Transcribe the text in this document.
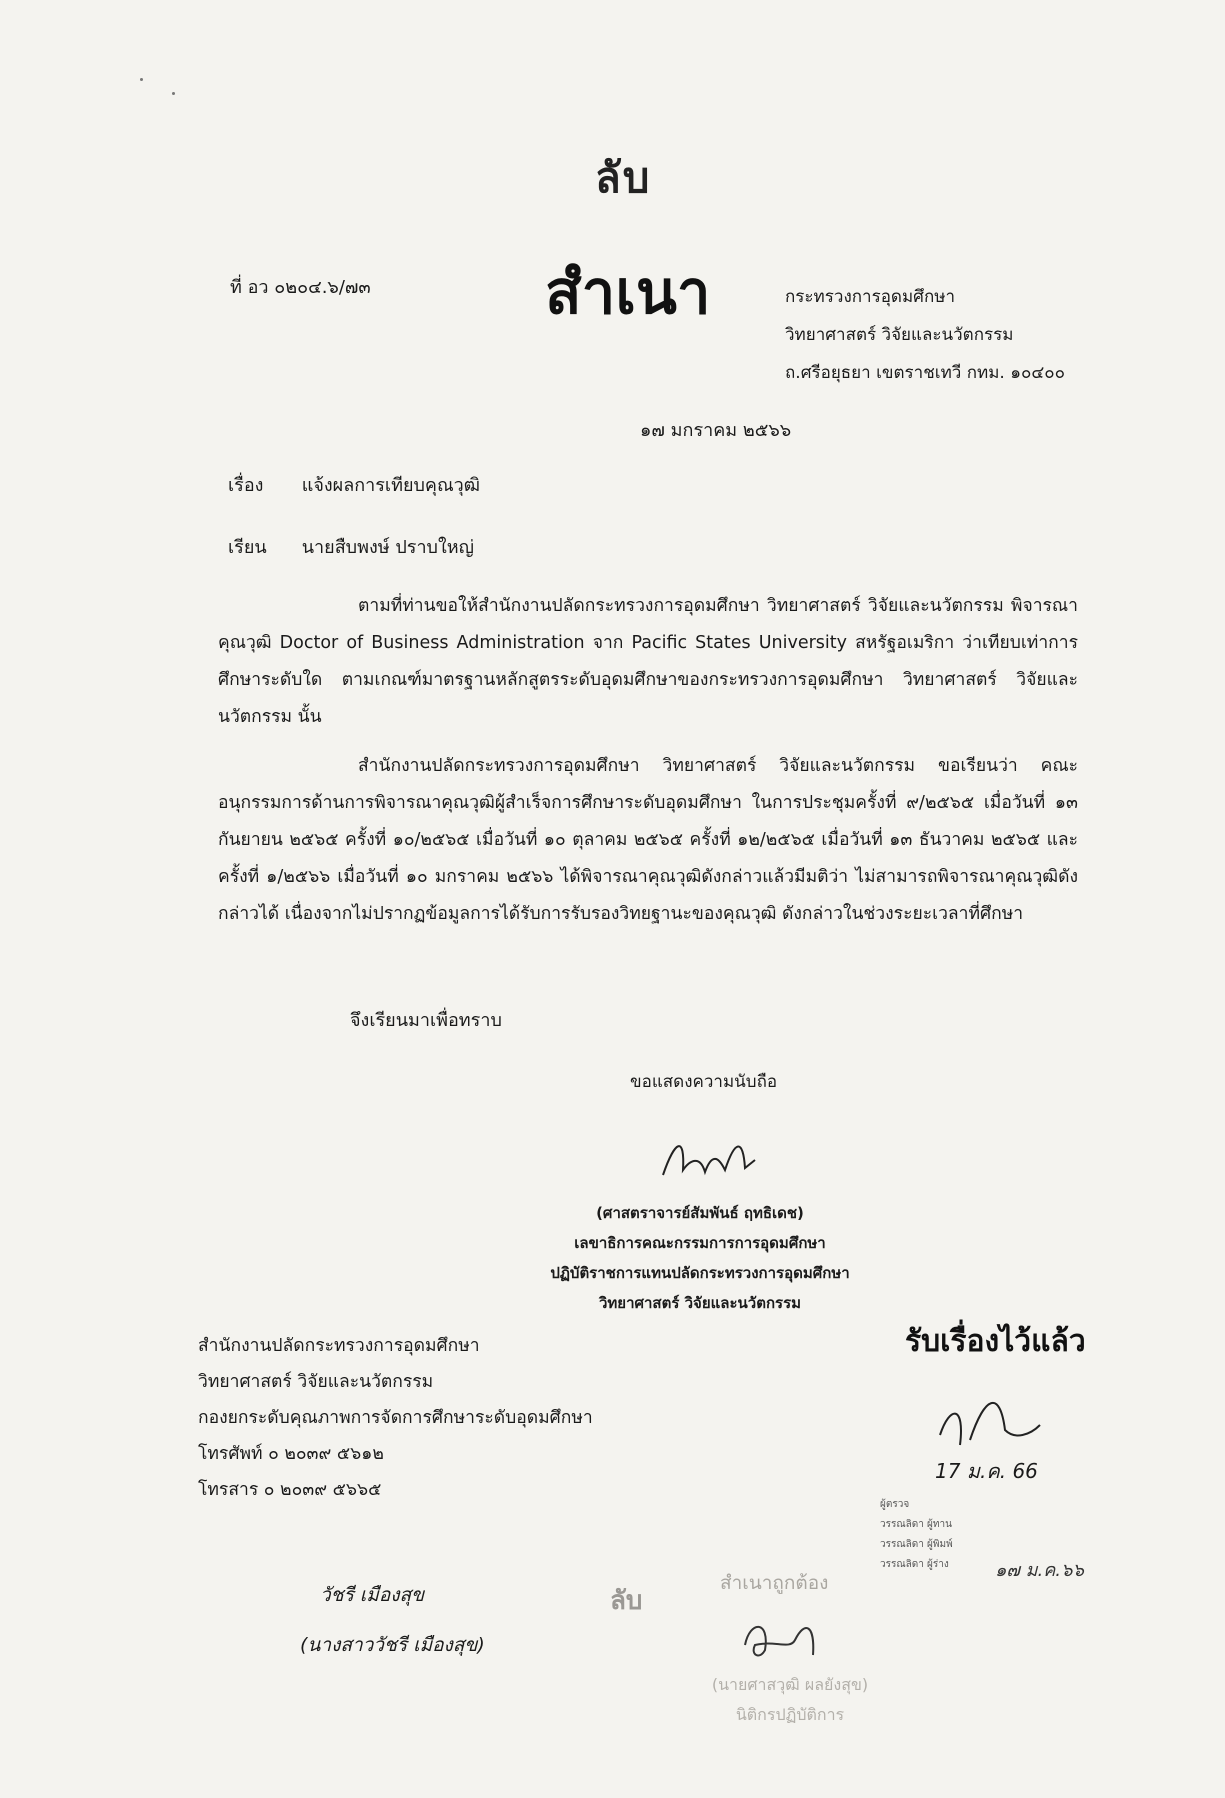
ลับ
สำเนา
ที่ อว ๐๒๐๔.๖/๗๓	กระทรวงการอุดมศึกษา
วิทยาศาสตร์ วิจัยและนวัตกรรม
ถ.ศรีอยุธยา เขตราชเทวี กทม. ๑๐๔๐๐
๑๗ มกราคม ๒๕๖๖
เรื่อง แจ้งผลการเทียบคุณวุฒิ
เรียน นายสืบพงษ์ ปราบใหญ่
ตามที่ท่านขอให้สำนักงานปลัดกระทรวงการอุดมศึกษา วิทยาศาสตร์ วิจัยและนวัตกรรม พิจารณาคุณวุฒิ Doctor of Business Administration จาก Pacific States University สหรัฐอเมริกา ว่าเทียบเท่าการศึกษาระดับใด ตามเกณฑ์มาตรฐานหลักสูตรระดับอุดมศึกษาของกระทรวงการอุดมศึกษา วิทยาศาสตร์ วิจัยและนวัตกรรม นั้น
สำนักงานปลัดกระทรวงการอุดมศึกษา วิทยาศาสตร์ วิจัยและนวัตกรรม ขอเรียนว่า คณะอนุกรรมการด้านการพิจารณาคุณวุฒิผู้สำเร็จการศึกษาระดับอุดมศึกษา ในการประชุมครั้งที่ ๙/๒๕๖๕ เมื่อวันที่ ๑๓ กันยายน ๒๕๖๕ ครั้งที่ ๑๐/๒๕๖๕ เมื่อวันที่ ๑๐ ตุลาคม ๒๕๖๕ ครั้งที่ ๑๒/๒๕๖๕ เมื่อวันที่ ๑๓ ธันวาคม ๒๕๖๕ และครั้งที่ ๑/๒๕๖๖ เมื่อวันที่ ๑๐ มกราคม ๒๕๖๖ ได้พิจารณาคุณวุฒิดังกล่าวแล้วมีมติว่า ไม่สามารถพิจารณาคุณวุฒิดังกล่าวได้ เนื่องจากไม่ปรากฏข้อมูลการได้รับการรับรองวิทยฐานะของคุณวุฒิ ดังกล่าวในช่วงระยะเวลาที่ศึกษา
จึงเรียนมาเพื่อทราบ
ขอแสดงความนับถือ
(ศาสตราจารย์สัมพันธ์ ฤทธิเดช)
เลขาธิการคณะกรรมการการอุดมศึกษา
ปฏิบัติราชการแทนปลัดกระทรวงการอุดมศึกษา
วิทยาศาสตร์ วิจัยและนวัตกรรม
สำนักงานปลัดกระทรวงการอุดมศึกษา
วิทยาศาสตร์ วิจัยและนวัตกรรม
กองยกระดับคุณภาพการจัดการศึกษาระดับอุดมศึกษา
โทรศัพท์ ๐ ๒๐๓๙ ๕๖๑๒
โทรสาร ๐ ๒๐๓๙ ๕๖๖๕
รับเรื่องไว้แล้ว
17 ม.ค. 66
ผู้ตรวจ
วรรณลิดา ผู้ทาน
วรรณลิดา ผู้พิมพ์
วรรณลิดา ผู้ร่าง	๑๗ ม.ค.๖๖
วัชรี เมืองสุข
(นางสาววัชรี เมืองสุข)
ลับ
สำเนาถูกต้อง
(นายศาสวุฒิ ผลยังสุข)
นิติกรปฏิบัติการ
